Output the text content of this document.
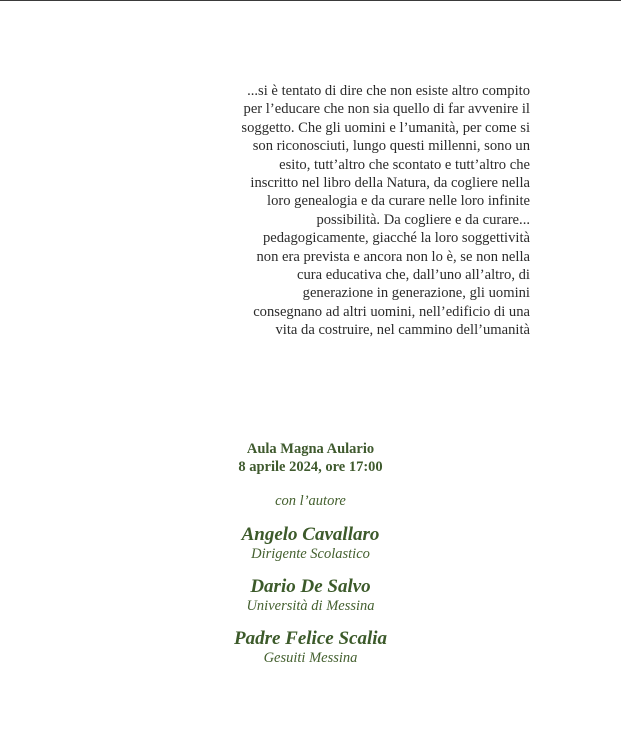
...si è tentato di dire che non esiste altro compito
per l’educare che non sia quello di far avvenire il
soggetto. Che gli uomini e l’umanità, per come si
son riconosciuti, lungo questi millenni, sono un
esito, tutt’altro che scontato e tutt’altro che
inscritto nel libro della Natura, da cogliere nella
loro genealogia e da curare nelle loro infinite
possibilità. Da cogliere e da curare...
pedagogicamente, giacché la loro soggettività
non era prevista e ancora non lo è, se non nella
cura educativa che, dall’uno all’altro, di
generazione in generazione, gli uomini
consegnano ad altri uomini, nell’edificio di una
vita da costruire, nel cammino dell’umanità
Aula Magna Aulario
8 aprile 2024, ore 17:00
con l’autore
Angelo Cavallaro
Dirigente Scolastico
Dario De Salvo
Università di Messina
Padre Felice Scalia
Gesuiti Messina
